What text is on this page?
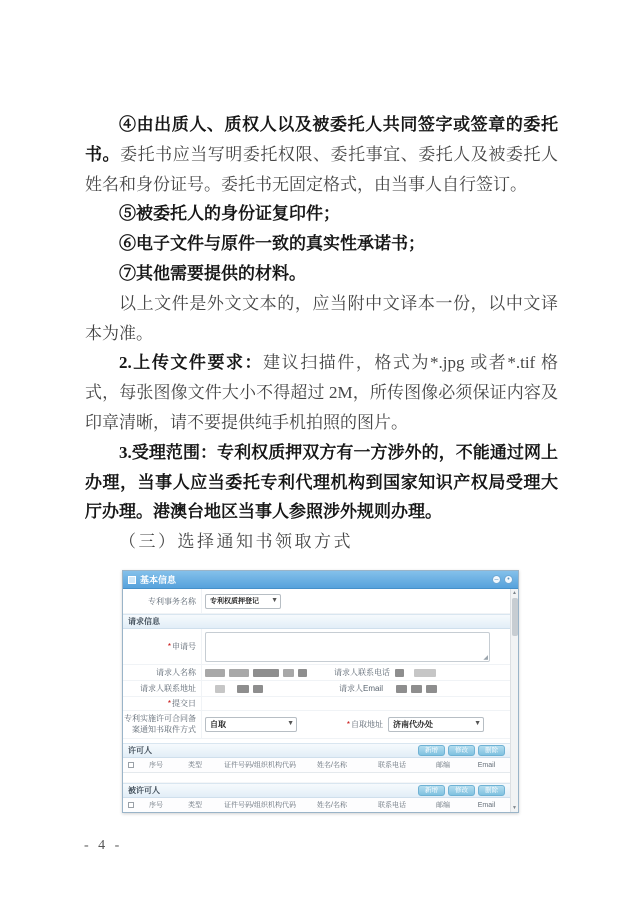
④由出质人、质权人以及被委托人共同签字或签章的委托书。委托书应当写明委托权限、委托事宜、委托人及被委托人姓名和身份证号。委托书无固定格式，由当事人自行签订。

⑤被委托人的身份证复印件；

⑥电子文件与原件一致的真实性承诺书；

⑦其他需要提供的材料。

以上文件是外文文本的，应当附中文译本一份，以中文译本为准。

2.上传文件要求：建议扫描件，格式为*.jpg 或者*.tif 格式，每张图像文件大小不得超过 2M，所传图像必须保证内容及印章清晰，请不要提供纯手机拍照的图片。

3.受理范围：专利权质押双方有一方涉外的，不能通过网上办理，当事人应当委托专利代理机构到国家知识产权局受理大厅办理。港澳台地区当事人参照涉外规则办理。

（三）选择通知书领取方式

基本信息	–	•
专利事务名称	专利权质押登记 ▼
请求信息
*申请号
◢
请求人名称	请求人联系电话
请求人联系地址	请求人Email
*提交日
专利实施许可合同备案通知书取件方式	自取	▼	*自取地址	济南代办处	▼
许可人	新增	修改	删除
序号	类型	证件号码/组织机构代码	姓名/名称	联系电话	邮编	Email
被许可人	新增	修改	删除
序号	类型	证件号码/组织机构代码	姓名/名称	联系电话	邮编	Email
▲
▼
- 4 -
